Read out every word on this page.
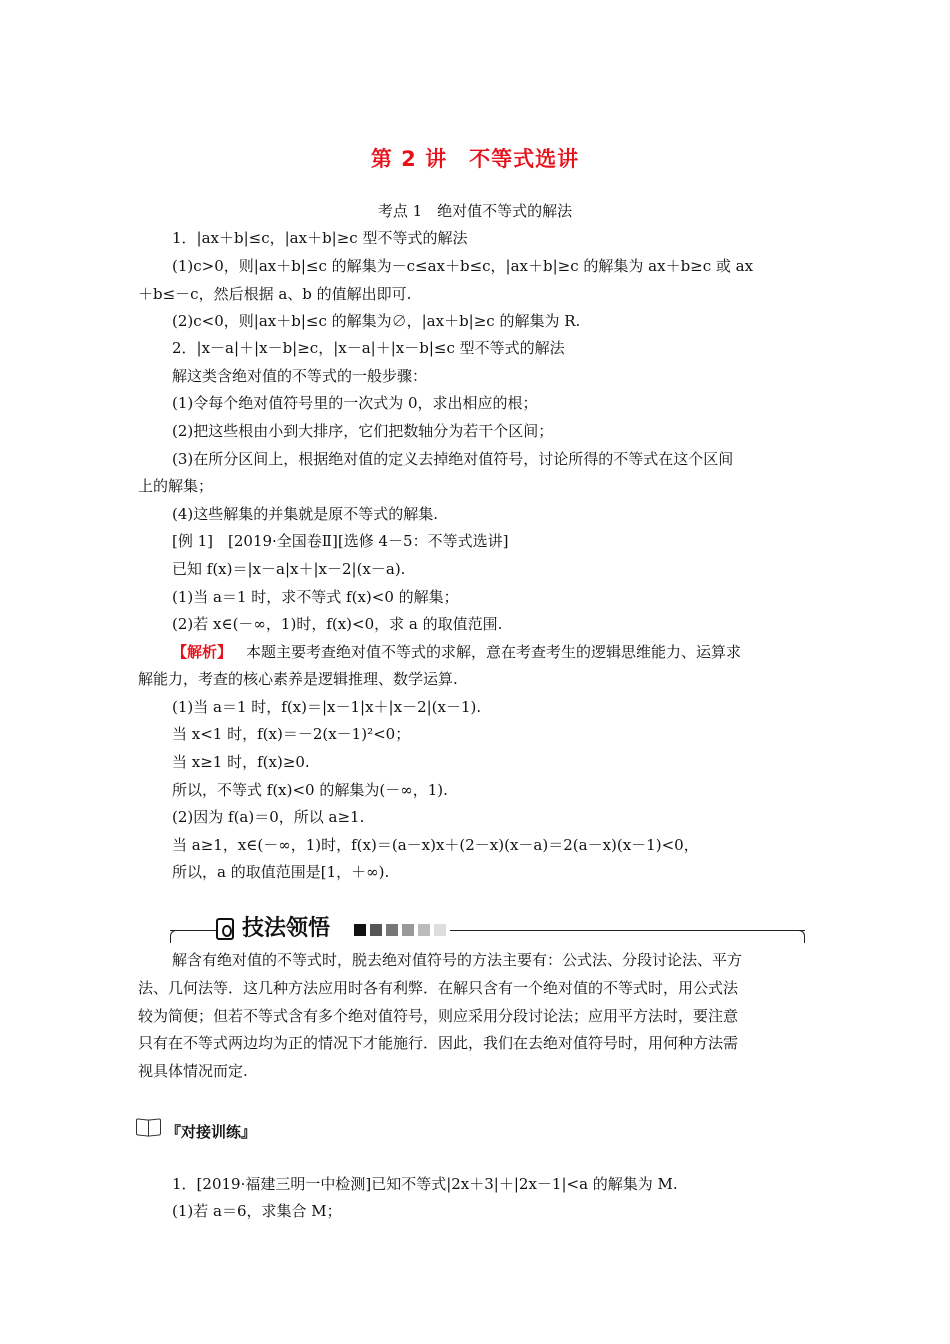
第 2 讲　不等式选讲
考点 1　绝对值不等式的解法
1．|ax＋b|≤c，|ax＋b|≥c 型不等式的解法
(1)c>0，则|ax＋b|≤c 的解集为－c≤ax＋b≤c，|ax＋b|≥c 的解集为 ax＋b≥c 或 ax
＋b≤－c，然后根据 a、b 的值解出即可.
(2)c<0，则|ax＋b|≤c 的解集为∅，|ax＋b|≥c 的解集为 R.
2．|x－a|＋|x－b|≥c，|x－a|＋|x－b|≤c 型不等式的解法
解这类含绝对值的不等式的一般步骤：
(1)令每个绝对值符号里的一次式为 0，求出相应的根；
(2)把这些根由小到大排序，它们把数轴分为若干个区间；
(3)在所分区间上，根据绝对值的定义去掉绝对值符号，讨论所得的不等式在这个区间
上的解集；
(4)这些解集的并集就是原不等式的解集.
[例 1]　[2019·全国卷Ⅱ][选修 4－5：不等式选讲]
已知 f(x)＝|x－a|x＋|x－2|(x－a).
(1)当 a＝1 时，求不等式 f(x)<0 的解集；
(2)若 x∈(－∞，1)时，f(x)<0，求 a 的取值范围.
【解析】 本题主要考查绝对值不等式的求解，意在考查考生的逻辑思维能力、运算求
解能力，考查的核心素养是逻辑推理、数学运算.
(1)当 a＝1 时，f(x)＝|x－1|x＋|x－2|(x－1).
当 x<1 时，f(x)＝－2(x－1)²<0；
当 x≥1 时，f(x)≥0.
所以，不等式 f(x)<0 的解集为(－∞，1).
(2)因为 f(a)＝0，所以 a≥1.
当 a≥1，x∈(－∞，1)时，f(x)＝(a－x)x＋(2－x)(x－a)＝2(a－x)(x－1)<0，
所以，a 的取值范围是[1，＋∞).
解含有绝对值的不等式时，脱去绝对值符号的方法主要有：公式法、分段讨论法、平方
法、几何法等．这几种方法应用时各有利弊．在解只含有一个绝对值的不等式时，用公式法
较为简便；但若不等式含有多个绝对值符号，则应采用分段讨论法；应用平方法时，要注意
只有在不等式两边均为正的情况下才能施行．因此，我们在去绝对值符号时，用何种方法需
视具体情况而定.
1．[2019·福建三明一中检测]已知不等式|2x＋3|＋|2x－1|<a 的解集为 M.
(1)若 a＝6，求集合 M；
技法领悟
『对接训练』
